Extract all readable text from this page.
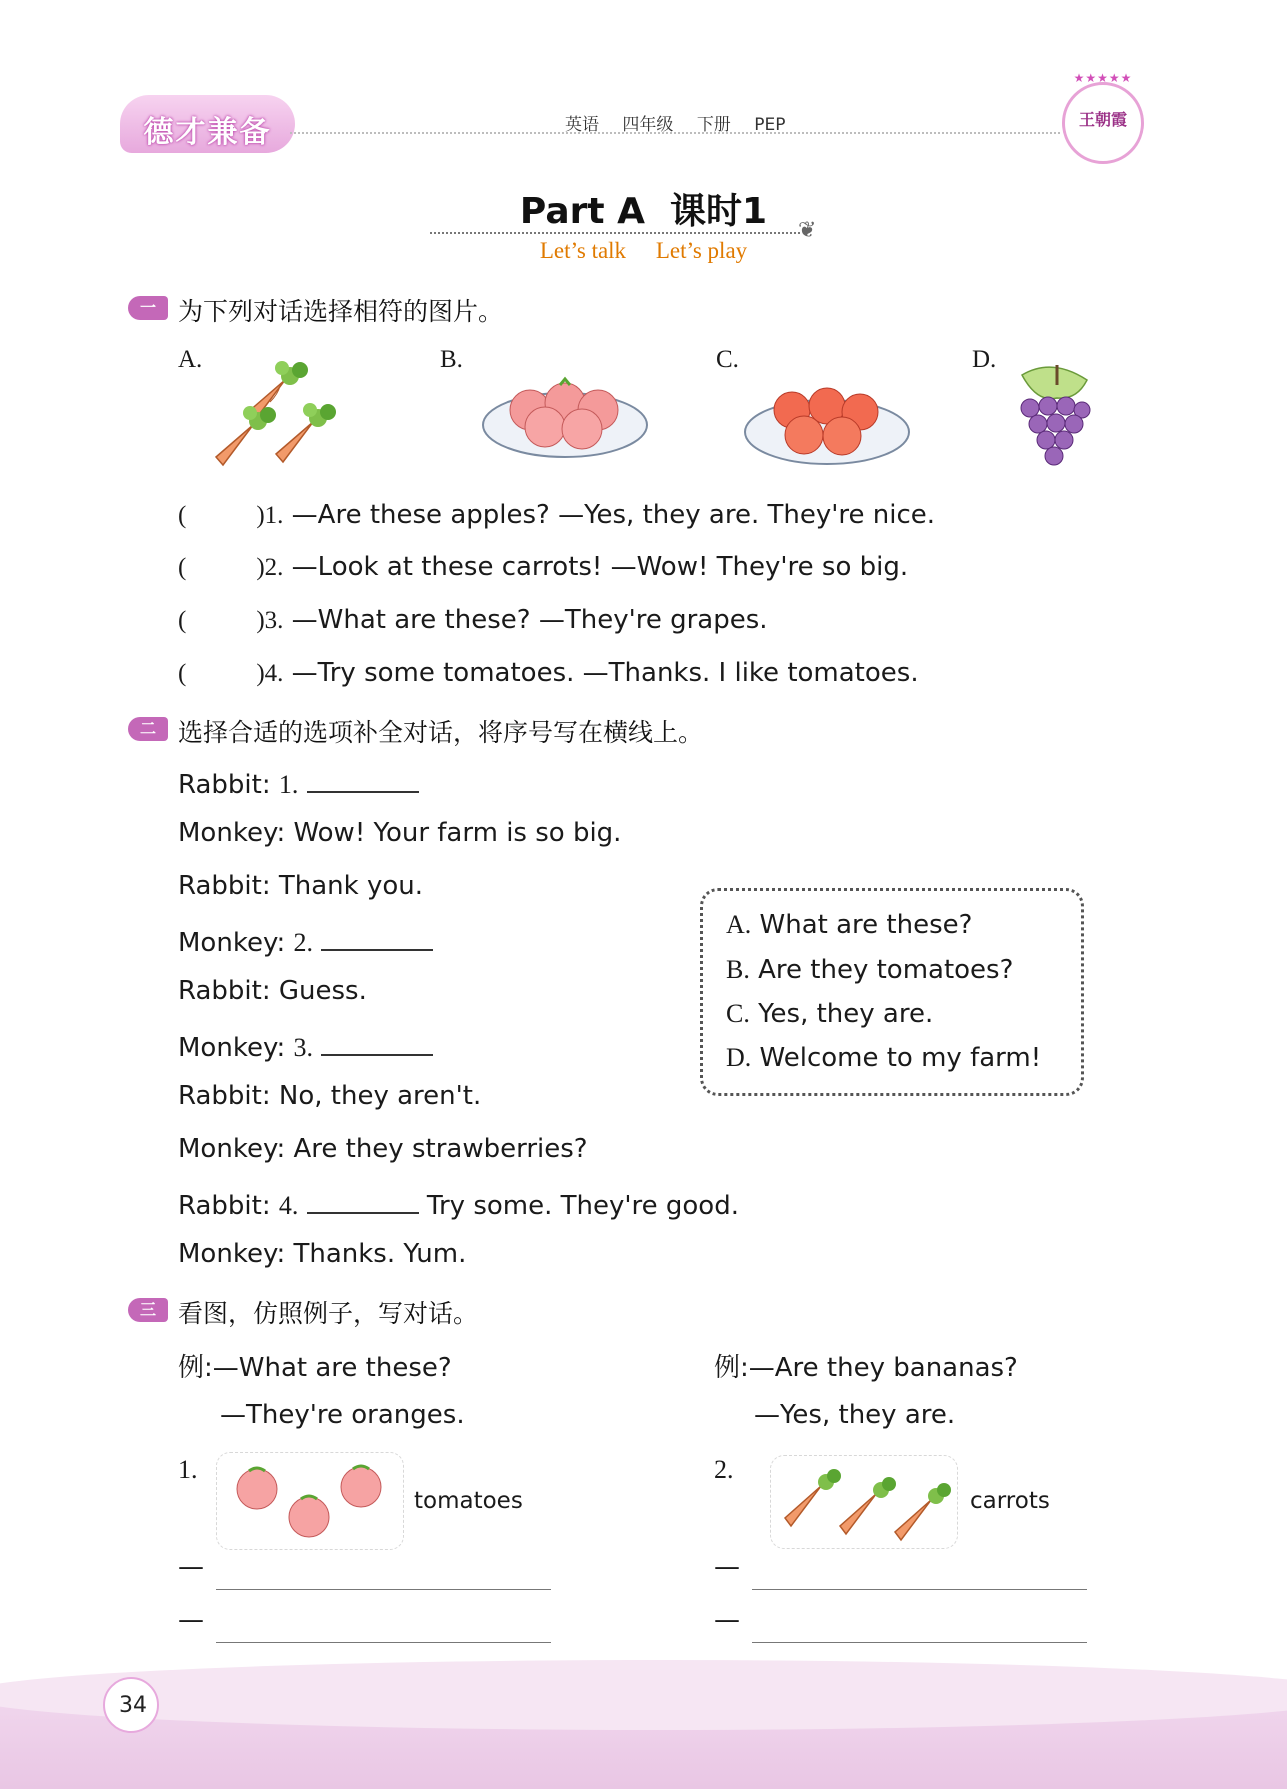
德才兼备	英语 四年级 下册 PEP
★★★★★
王朝霞
Part A  课时1	❦
Let’s talk Let’s play
一 为下列对话选择相符的图片。
A.	B.	C.	D.
(	)1. —Are these apples? —Yes, they are. They're nice.
(	)2. —Look at these carrots! —Wow! They're so big.
(	)3. —What are these? —They're grapes.
(	)4. —Try some tomatoes. —Thanks. I like tomatoes.
二 选择合适的选项补全对话，将序号写在横线上。
Rabbit: 1.
Monkey: Wow! Your farm is so big.
Rabbit: Thank you.
Monkey: 2.
Rabbit: Guess.
Monkey: 3.
Rabbit: No, they aren't.
Monkey: Are they strawberries?
Rabbit: 4.	Try some. They're good.
Monkey: Thanks. Yum.
A. What are these?
B. Are they tomatoes?
C. Yes, they are.
D. Welcome to my farm!
三 看图，仿照例子，写对话。
例:—What are these?
—They're oranges.
例:—Are they bananas?
—Yes, they are.
1.
tomatoes
—
—
2.
carrots
—
—
34
